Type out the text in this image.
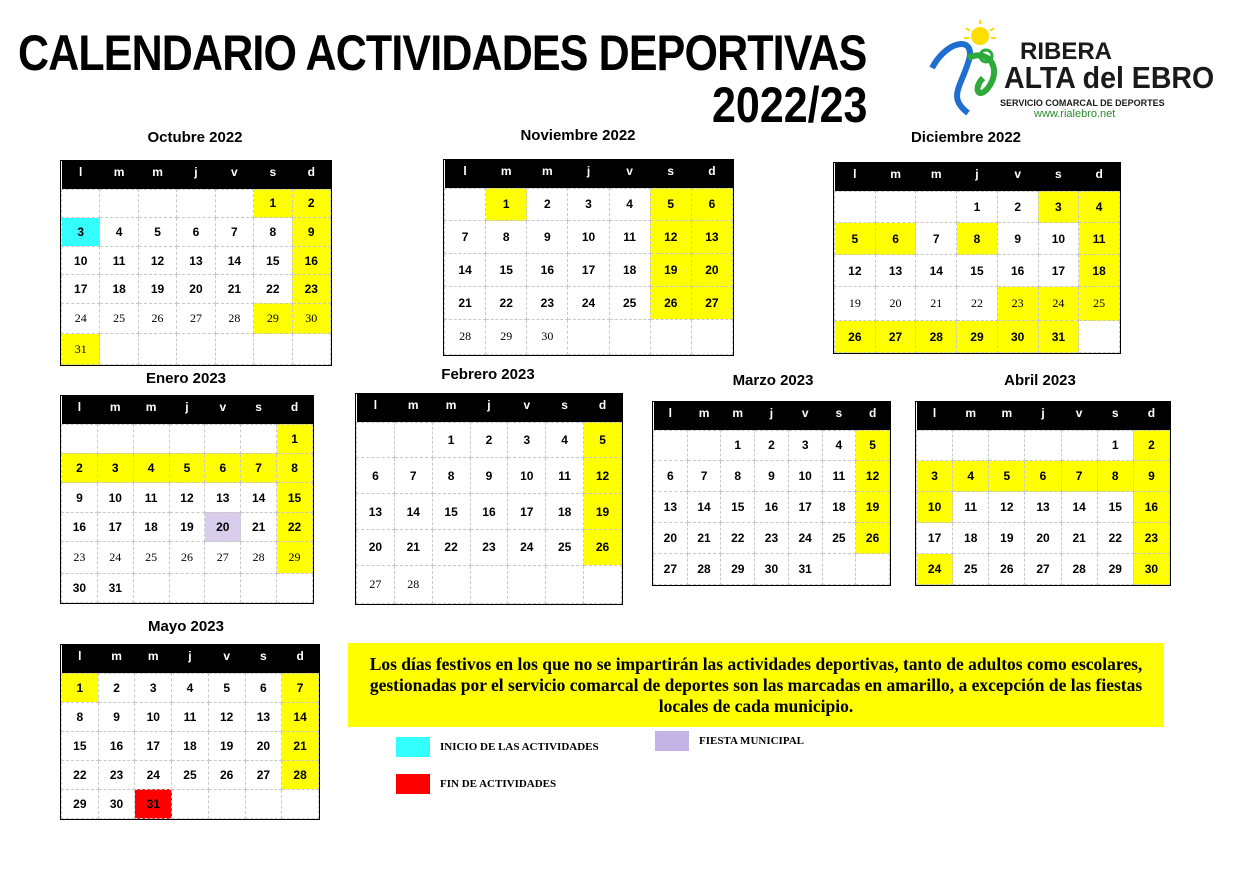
CALENDARIO ACTIVIDADES DEPORTIVAS
2022/23
RIBERA
ALTA del EBRO
SERVICIO COMARCAL DE DEPORTES
www.rialebro.net
Octubre 2022
l	m	m	j	v	s	d
					1	2
3	4	5	6	7	8	9
10	11	12	13	14	15	16
17	18	19	20	21	22	23
24	25	26	27	28	29	30
31						
Noviembre 2022
l	m	m	j	v	s	d
	1	2	3	4	5	6
7	8	9	10	11	12	13
14	15	16	17	18	19	20
21	22	23	24	25	26	27
28	29	30				
Diciembre 2022
l	m	m	j	v	s	d
			1	2	3	4
5	6	7	8	9	10	11
12	13	14	15	16	17	18
19	20	21	22	23	24	25
26	27	28	29	30	31	
Enero 2023
l	m	m	j	v	s	d
						1
2	3	4	5	6	7	8
9	10	11	12	13	14	15
16	17	18	19	20	21	22
23	24	25	26	27	28	29
30	31					
Febrero 2023
l	m	m	j	v	s	d
		1	2	3	4	5
6	7	8	9	10	11	12
13	14	15	16	17	18	19
20	21	22	23	24	25	26
27	28					
Marzo 2023
l	m	m	j	v	s	d
		1	2	3	4	5
6	7	8	9	10	11	12
13	14	15	16	17	18	19
20	21	22	23	24	25	26
27	28	29	30	31		
Abril 2023
l	m	m	j	v	s	d
					1	2
3	4	5	6	7	8	9
10	11	12	13	14	15	16
17	18	19	20	21	22	23
24	25	26	27	28	29	30
Mayo 2023
l	m	m	j	v	s	d
1	2	3	4	5	6	7
8	9	10	11	12	13	14
15	16	17	18	19	20	21
22	23	24	25	26	27	28
29	30	31				
Los días festivos en los que no se impartirán las actividades deportivas, tanto de adultos como escolares, gestionadas por el servicio comarcal de deportes son las marcadas en amarillo, a excepción de las fiestas locales de cada municipio.
INICIO DE LAS ACTIVIDADES	FIESTA MUNICIPAL
FIN DE ACTIVIDADES
